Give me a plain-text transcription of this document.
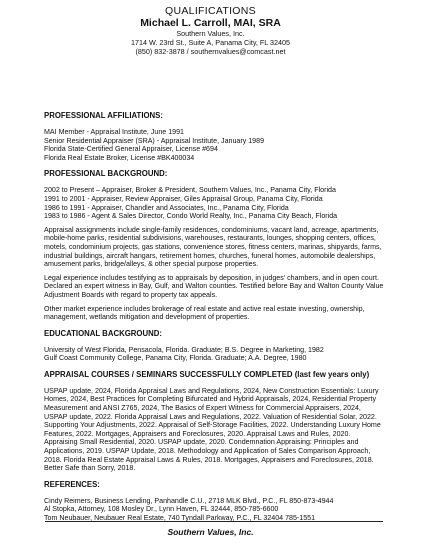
QUALIFICATIONS
Michael L. Carroll, MAI, SRA
Southern Values, Inc.
1714 W. 23rd St., Suite A, Panama City, FL 32405
(850) 832-3878 / southernvalues@comcast.net

PROFESSIONAL AFFILIATIONS:

MAI Member - Appraisal Institute, June 1991
Senior Residential Appraiser (SRA) - Appraisal Institute, January 1989
Florida State-Certified General Appraiser, License #694
Florida Real Estate Broker, License #BK400034

PROFESSIONAL BACKGROUND:

2002 to Present – Appraiser, Broker & President, Southern Values, Inc., Panama City, Florida
1991 to 2001 - Appraiser, Review Appraiser, Giles Appraisal Group, Panama City, Florida
1986 to 1991 - Appraiser, Chandler and Associates, Inc., Panama City, Florida
1983 to 1986 - Agent & Sales Director, Condo World Realty, Inc., Panama City Beach, Florida

Appraisal assignments include single-family residences, condominiums, vacant land, acreage, apartments, mobile-home parks, residential subdivisions, warehouses, restaurants, lounges, shopping centers, offices, motels, condominium projects, gas stations, convenience stores, fitness centers, marinas, shipyards, farms, industrial buildings, aircraft hangars, retirement homes, churches, funeral homes, automobile dealerships, amusement parks, bridge/alleys, & other special purpose properties.

Legal experience includes testifying as to appraisals by deposition, in judges' chambers, and in open court. Declared an expert witness in Bay, Gulf, and Walton counties. Testified before Bay and Walton County Value Adjustment Boards with regard to property tax appeals.

Other market experience includes brokerage of real estate and active real estate investing, ownership, management, wetlands mitigation and development of properties.

EDUCATIONAL BACKGROUND:

University of West Florida, Pensacola, Florida. Graduate; B.S. Degree in Marketing, 1982
Gulf Coast Community College, Panama City, Florida. Graduate; A.A. Degree, 1980

APPRAISAL COURSES / SEMINARS SUCCESSFULLY COMPLETED (last few years only)

USPAP update, 2024, Florida Appraisal Laws and Regulations, 2024, New Construction Essentials: Luxury Homes, 2024, Best Practices for Completing Bifurcated and Hybrid Appraisals, 2024, Residential Property Measurement and ANSI Z765, 2024, The Basics of Expert Witness for Commercial Appraisers, 2024, USPAP update, 2022. Florida Appraisal Laws and Regulations, 2022. Valuation of Residential Solar, 2022. Supporting Your Adjustments, 2022. Appraisal of Self-Storage Facilities, 2022. Understanding Luxury Home Features, 2022. Mortgages, Appraisers and Foreclosures, 2020. Appraisal Laws and Rules, 2020. Appraising Small Residential, 2020. USPAP update, 2020. Condemnation Appraising: Principles and Applications, 2019. USPAP Update, 2018. Methodology and Application of Sales Comparison Approach, 2018. Florida Real Estate Appraisal Laws & Rules, 2018. Mortgages, Appraisers and Foreclosures, 2018. Better Safe than Sorry, 2018.

REFERENCES:

Cindy Reimers, Business Lending, Panhandle C.U., 2718 MLK Blvd., P.C., FL 850-873-4944
Al Stopka, Attorney, 108 Mosley Dr., Lynn Haven, FL 32444, 850-785-6600
Tom Neubauer, Neubauer Real Estate, 740 Tyndall Parkway, P.C., FL 32404 785-1551
Southern Values, Inc.
